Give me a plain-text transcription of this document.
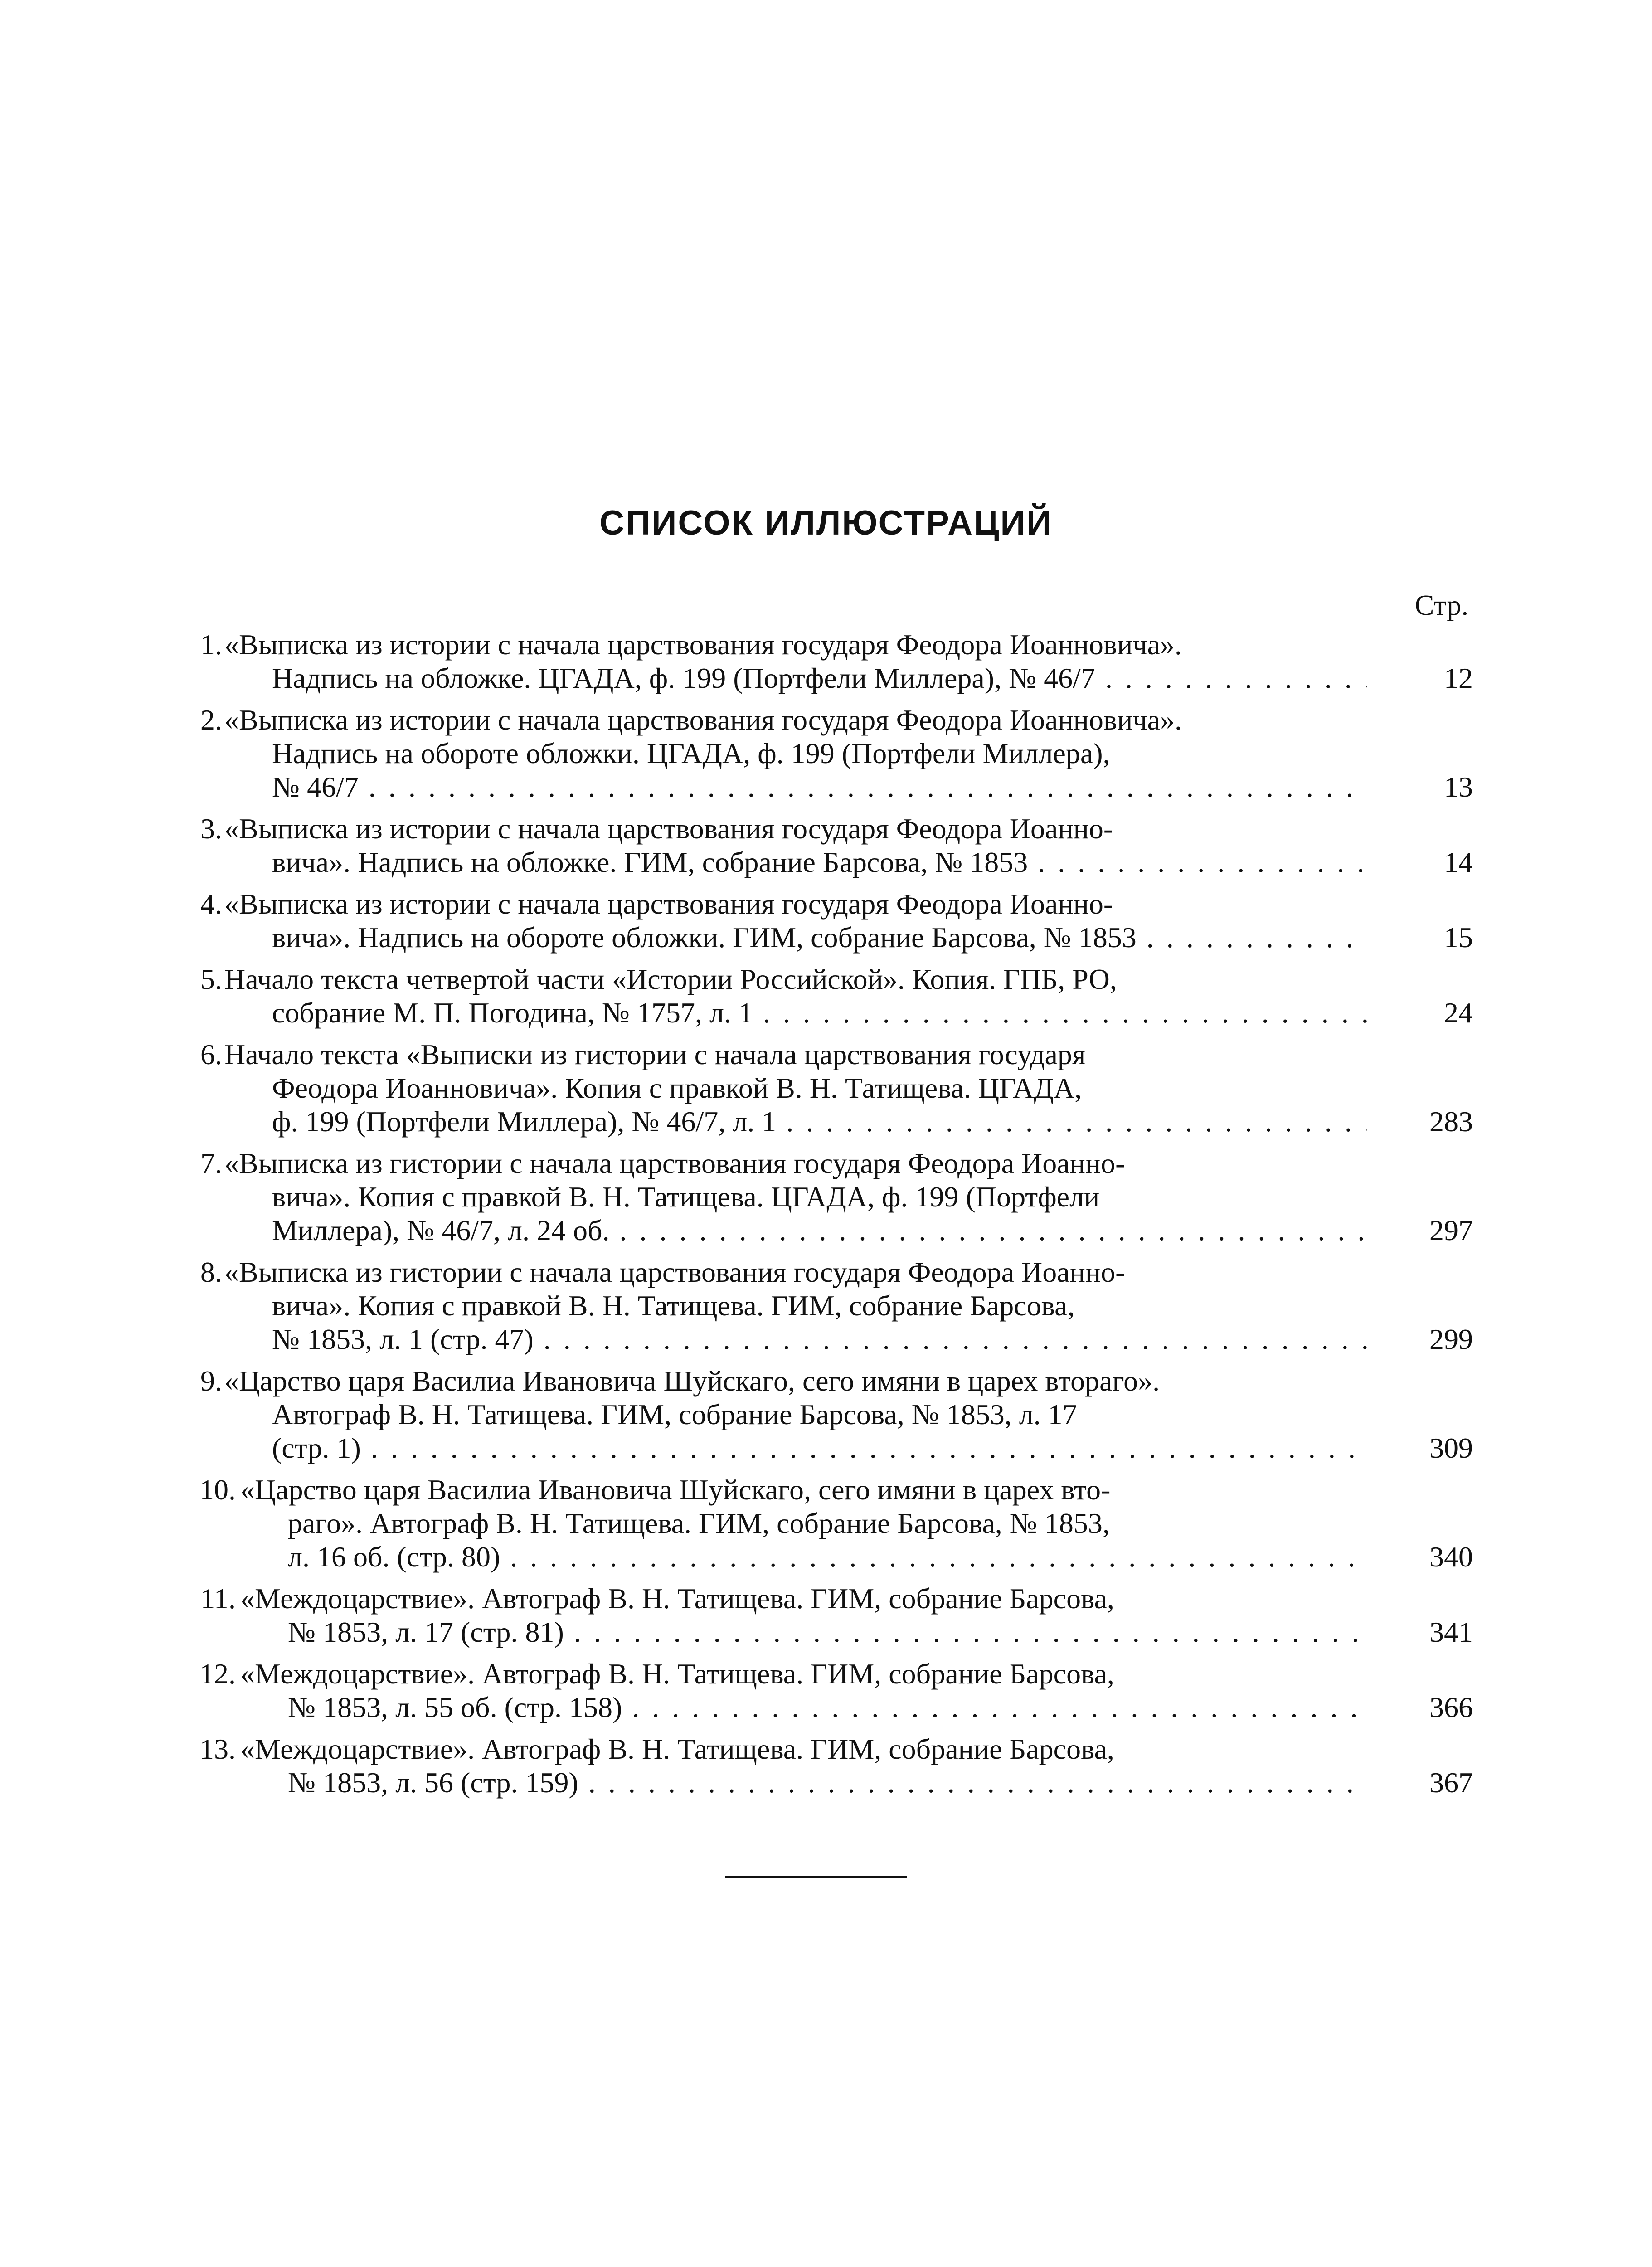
СПИСОК ИЛЛЮСТРАЦИЙ
Стр.
1. «Выписка из истории с начала царствования государя Феодора Иоанновича».
Надпись на обложке. ЦГАДА, ф. 199 (Портфели Миллера), № 46/7 . . .	12
2. «Выписка из истории с начала царствования государя Феодора Иоанновича».
Надпись на обороте обложки. ЦГАДА, ф. 199 (Портфели Миллера),
№ 46/7 . . .	13
3. «Выписка из истории с начала царствования государя Феодора Иоанно-
вича». Надпись на обложке. ГИМ, собрание Барсова, № 1853 . . .	14
4. «Выписка из истории с начала царствования государя Феодора Иоанно-
вича». Надпись на обороте обложки. ГИМ, собрание Барсова, № 1853 . . .	15
5. Начало текста четвертой части «Истории Российской». Копия. ГПБ, РО,
собрание М. П. Погодина, № 1757, л. 1 . . .	24
6. Начало текста «Выписки из гистории с начала царствования государя
Феодора Иоанновича». Копия с правкой В. Н. Татищева. ЦГАДА,
ф. 199 (Портфели Миллера), № 46/7, л. 1 . . .	283
7. «Выписка из гистории с начала царствования государя Феодора Иоанно-
вича». Копия с правкой В. Н. Татищева. ЦГАДА, ф. 199 (Портфели
Миллера), № 46/7, л. 24 об. . . .	297
8. «Выписка из гистории с начала царствования государя Феодора Иоанно-
вича». Копия с правкой В. Н. Татищева. ГИМ, собрание Барсова,
№ 1853, л. 1 (стр. 47) . . .	299
9. «Царство царя Василиа Ивановича Шуйскаго, сего имяни в царех втораго».
Автограф В. Н. Татищева. ГИМ, собрание Барсова, № 1853, л. 17
(стр. 1) . . .	309
10. «Царство царя Василиа Ивановича Шуйскаго, сего имяни в царех вто-
раго». Автограф В. Н. Татищева. ГИМ, собрание Барсова, № 1853,
л. 16 об. (стр. 80) . . .	340
11. «Междоцарствие». Автограф В. Н. Татищева. ГИМ, собрание Барсова,
№ 1853, л. 17 (стр. 81) . . .	341
12. «Междоцарствие». Автограф В. Н. Татищева. ГИМ, собрание Барсова,
№ 1853, л. 55 об. (стр. 158) . . .	366
13. «Междоцарствие». Автограф В. Н. Татищева. ГИМ, собрание Барсова,
№ 1853, л. 56 (стр. 159) . . .	367
